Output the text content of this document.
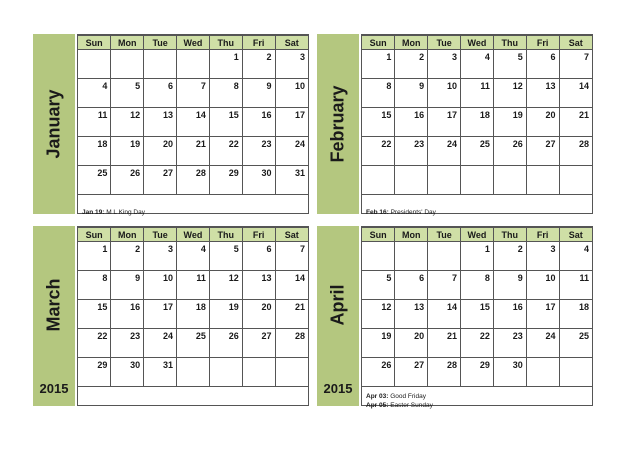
January
Sun	Mon	Tue	Wed	Thu	Fri	Sat
				1	2	3
4	5	6	7	8	9	10
11	12	13	14	15	16	17
18	19	20	21	22	23	24
25	26	27	28	29	30	31
Jan 19: M L King Day
February
Sun	Mon	Tue	Wed	Thu	Fri	Sat
1	2	3	4	5	6	7
8	9	10	11	12	13	14
15	16	17	18	19	20	21
22	23	24	25	26	27	28

Feb 16: Presidents' Day
March
2015
Sun	Mon	Tue	Wed	Thu	Fri	Sat
1	2	3	4	5	6	7
8	9	10	11	12	13	14
15	16	17	18	19	20	21
22	23	24	25	26	27	28
29	30	31				
April
2015
Sun	Mon	Tue	Wed	Thu	Fri	Sat
			1	2	3	4
5	6	7	8	9	10	11
12	13	14	15	16	17	18
19	20	21	22	23	24	25
26	27	28	29	30		
Apr 03: Good Friday
Apr 05: Easter Sunday
